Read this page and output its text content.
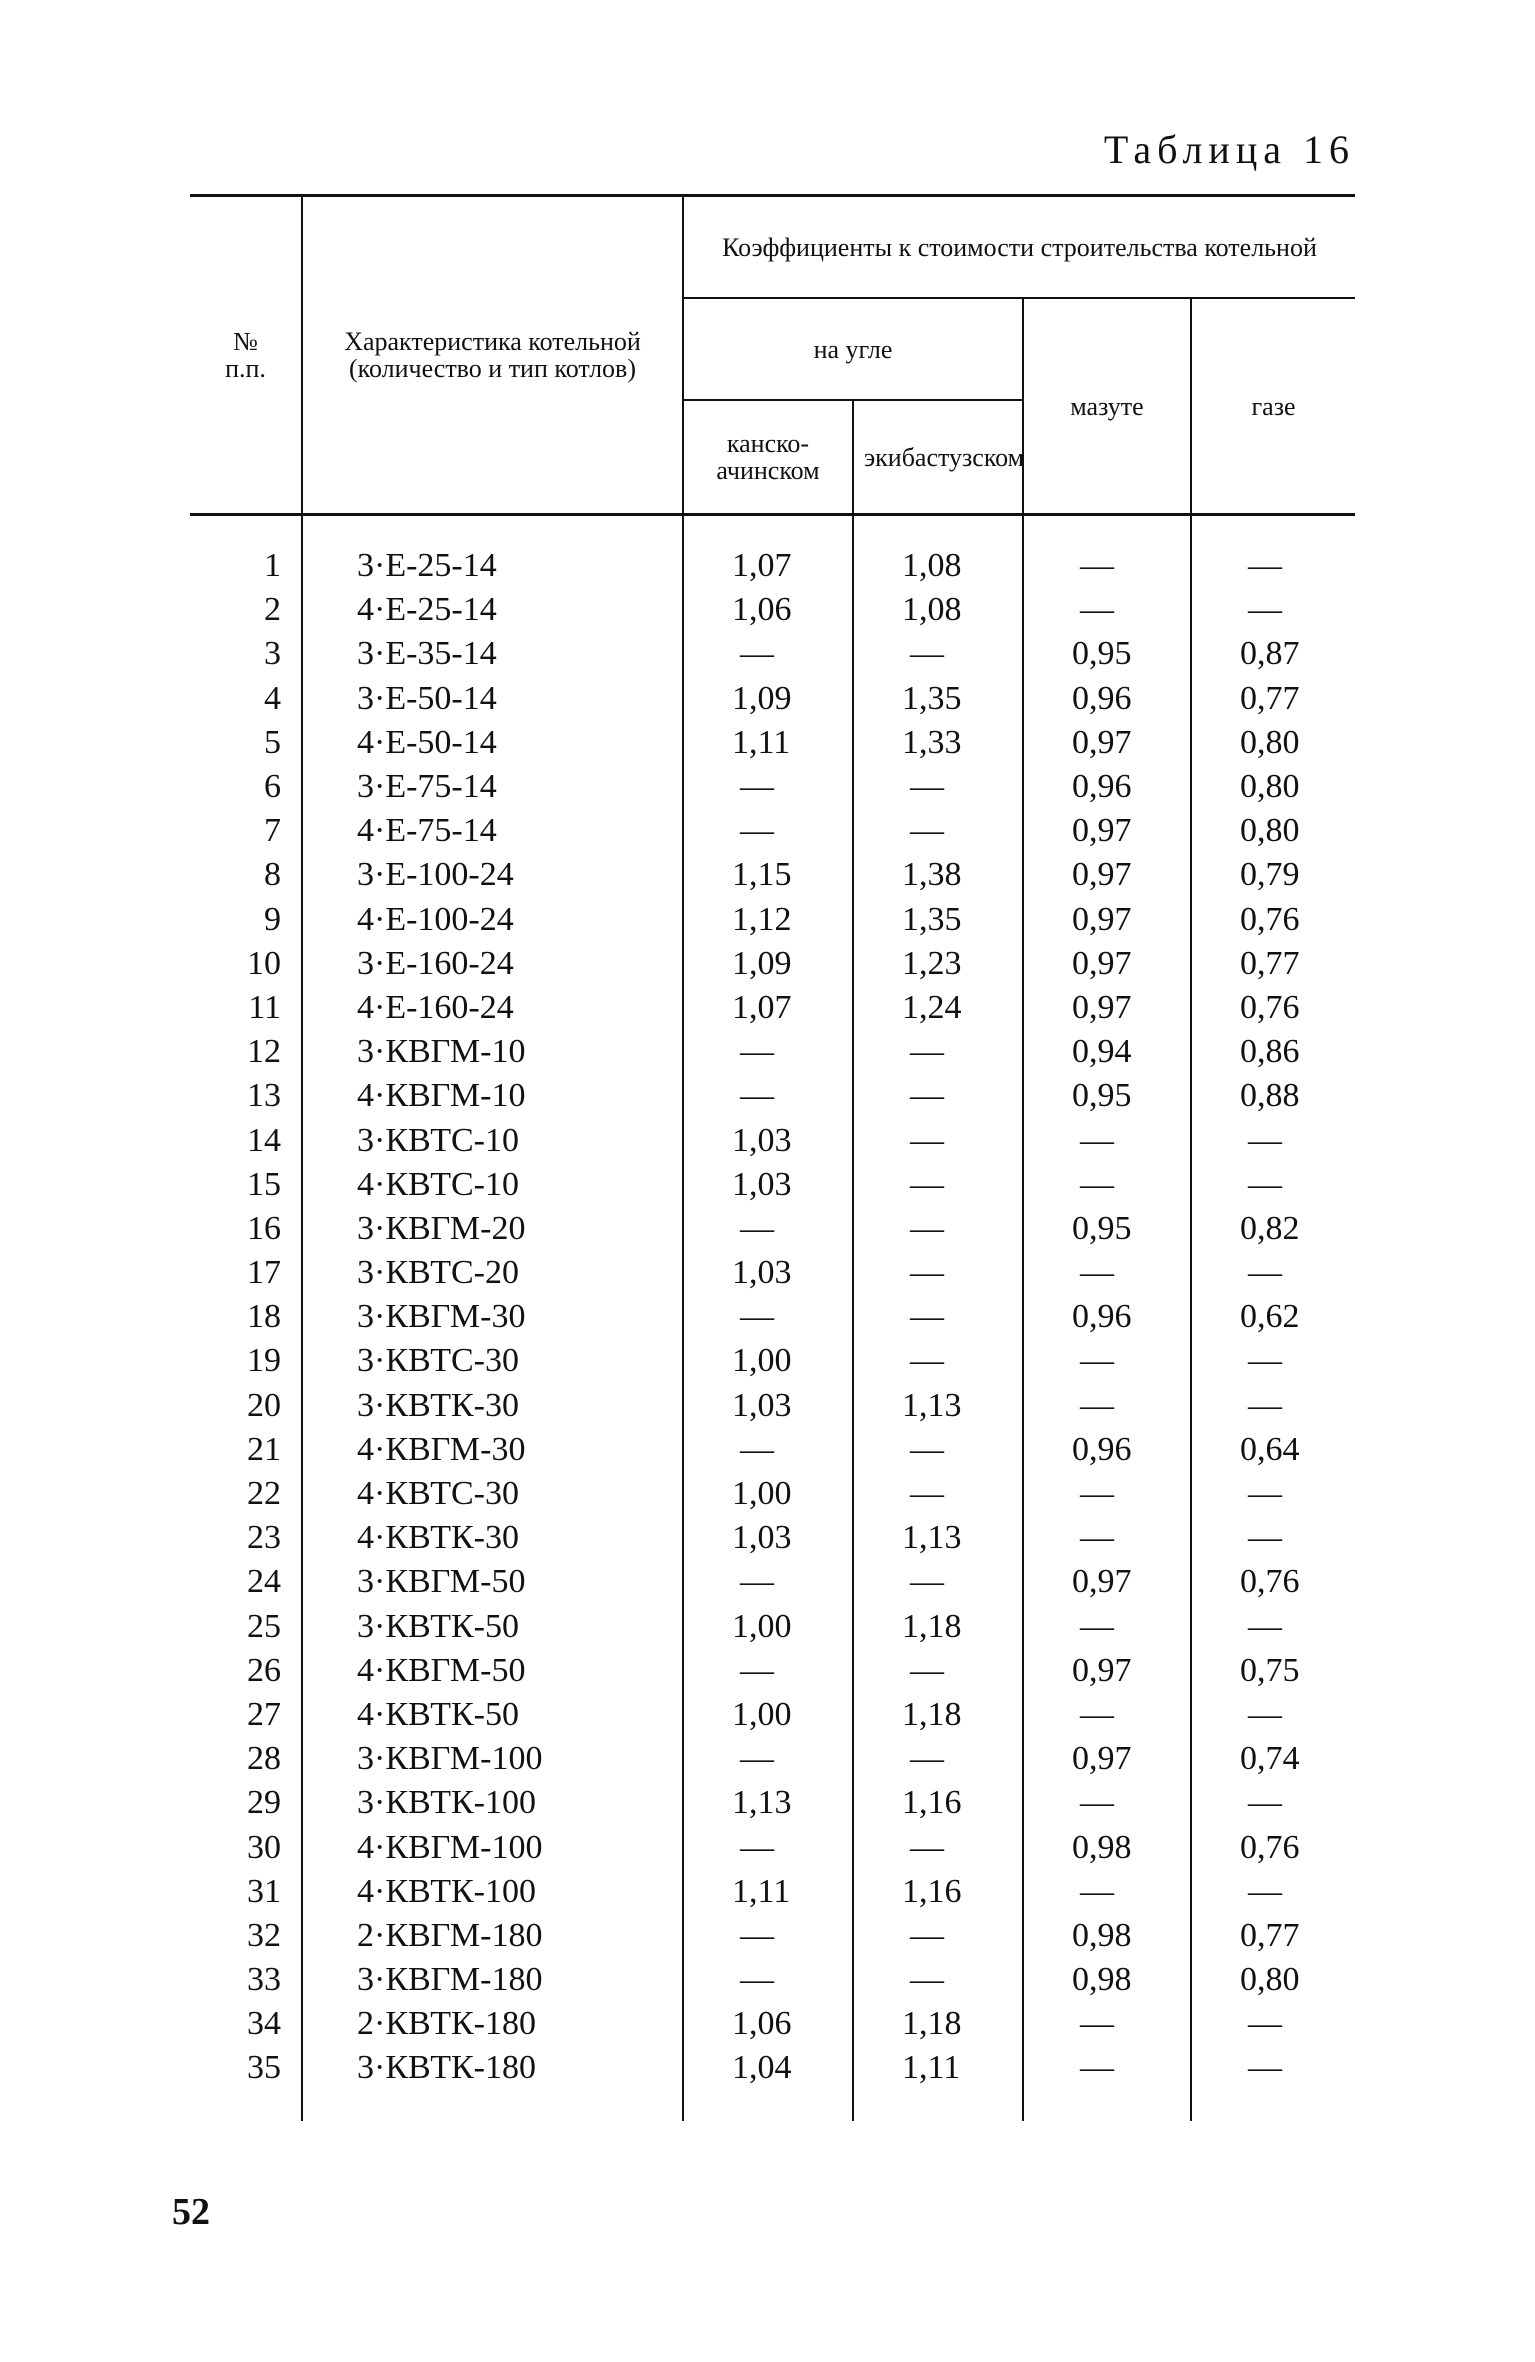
Таблица 16
№
п.п.	Характеристика котельной (количество и тип котлов)	Коэффициенты к стоимости строительства котельной			
		на угле		мазуте	газе
		канско-ачинском	экибастузском		
1	3·Е-25-14	1,07	1,08	—	—
2	4·Е-25-14	1,06	1,08	—	—
3	3·Е-35-14	—	—	0,95	0,87
4	3·Е-50-14	1,09	1,35	0,96	0,77
5	4·Е-50-14	1,11	1,33	0,97	0,80
6	3·Е-75-14	—	—	0,96	0,80
7	4·Е-75-14	—	—	0,97	0,80
8	3·Е-100-24	1,15	1,38	0,97	0,79
9	4·Е-100-24	1,12	1,35	0,97	0,76
10	3·Е-160-24	1,09	1,23	0,97	0,77
11	4·Е-160-24	1,07	1,24	0,97	0,76
12	3·КВГМ-10	—	—	0,94	0,86
13	4·КВГМ-10	—	—	0,95	0,88
14	3·КВТС-10	1,03	—	—	—
15	4·КВТС-10	1,03	—	—	—
16	3·КВГМ-20	—	—	0,95	0,82
17	3·КВТС-20	1,03	—	—	—
18	3·КВГМ-30	—	—	0,96	0,62
19	3·КВТС-30	1,00	—	—	—
20	3·КВТК-30	1,03	1,13	—	—
21	4·КВГМ-30	—	—	0,96	0,64
22	4·КВТС-30	1,00	—	—	—
23	4·КВТК-30	1,03	1,13	—	—
24	3·КВГМ-50	—	—	0,97	0,76
25	3·КВТК-50	1,00	1,18	—	—
26	4·КВГМ-50	—	—	0,97	0,75
27	4·КВТК-50	1,00	1,18	—	—
28	3·КВГМ-100	—	—	0,97	0,74
29	3·КВТК-100	1,13	1,16	—	—
30	4·КВГМ-100	—	—	0,98	0,76
31	4·КВТК-100	1,11	1,16	—	—
32	2·КВГМ-180	—	—	0,98	0,77
33	3·КВГМ-180	—	—	0,98	0,80
34	2·КВТК-180	1,06	1,18	—	—
35	3·КВТК-180	1,04	1,11	—	—

52
